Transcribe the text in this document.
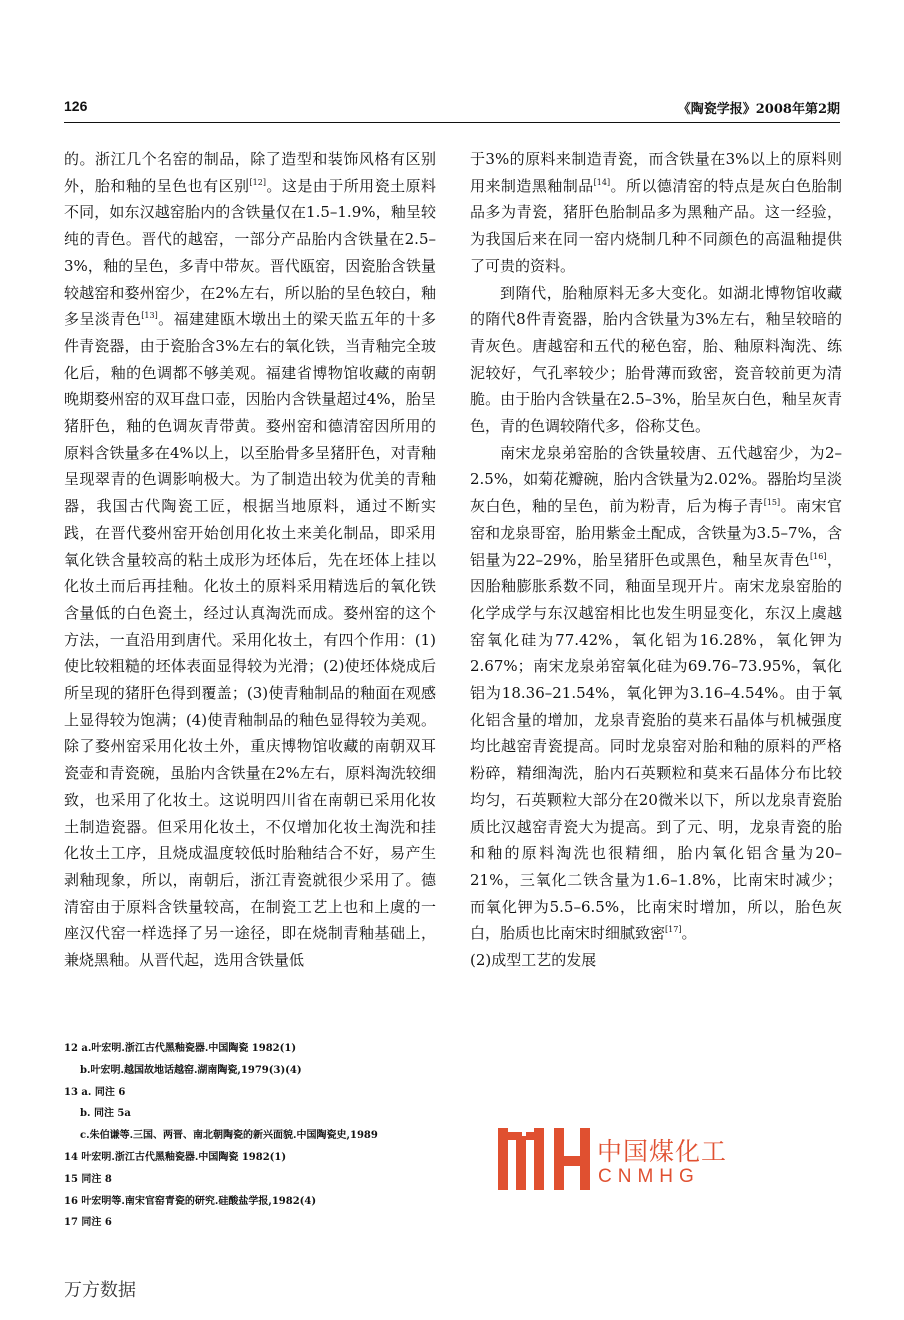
126	《陶瓷学报》2008年第2期

的。浙江几个名窑的制品，除了造型和装饰风格有区别外，胎和釉的呈色也有区别[12]。这是由于所用瓷土原料不同，如东汉越窑胎内的含铁量仅在1.5–1.9%，釉呈较纯的青色。晋代的越窑，一部分产品胎内含铁量在2.5–3%，釉的呈色，多青中带灰。晋代瓯窑，因瓷胎含铁量较越窑和婺州窑少，在2%左右，所以胎的呈色较白，釉多呈淡青色[13]。福建建瓯木墩出土的梁天监五年的十多件青瓷器，由于瓷胎含3%左右的氧化铁，当青釉完全玻化后，釉的色调都不够美观。福建省博物馆收藏的南朝晚期婺州窑的双耳盘口壶，因胎内含铁量超过4%，胎呈猪肝色，釉的色调灰青带黄。婺州窑和德清窑因所用的原料含铁量多在4%以上，以至胎骨多呈猪肝色，对青釉呈现翠青的色调影响极大。为了制造出较为优美的青釉器，我国古代陶瓷工匠，根据当地原料，通过不断实践，在晋代婺州窑开始创用化妆土来美化制品，即采用氧化铁含量较高的粘土成形为坯体后，先在坯体上挂以化妆土而后再挂釉。化妆土的原料采用精选后的氧化铁含量低的白色瓷土，经过认真淘洗而成。婺州窑的这个方法，一直沿用到唐代。采用化妆土，有四个作用：(1)使比较粗糙的坯体表面显得较为光滑；(2)使坯体烧成后所呈现的猪肝色得到覆盖；(3)使青釉制品的釉面在观感上显得较为饱满；(4)使青釉制品的釉色显得较为美观。除了婺州窑采用化妆土外，重庆博物馆收藏的南朝双耳瓷壶和青瓷碗，虽胎内含铁量在2%左右，原料淘洗较细致，也采用了化妆土。这说明四川省在南朝已采用化妆土制造瓷器。但采用化妆土，不仅增加化妆土淘洗和挂化妆土工序，且烧成温度较低时胎釉结合不好，易产生剥釉现象，所以，南朝后，浙江青瓷就很少采用了。德清窑由于原料含铁量较高，在制瓷工艺上也和上虞的一座汉代窑一样选择了另一途径，即在烧制青釉基础上，兼烧黑釉。从晋代起，选用含铁量低

于3%的原料来制造青瓷，而含铁量在3%以上的原料则用来制造黑釉制品[14]。所以德清窑的特点是灰白色胎制品多为青瓷，猪肝色胎制品多为黑釉产品。这一经验，为我国后来在同一窑内烧制几种不同颜色的高温釉提供了可贵的资料。

到隋代，胎釉原料无多大变化。如湖北博物馆收藏的隋代8件青瓷器，胎内含铁量为3%左右，釉呈较暗的青灰色。唐越窑和五代的秘色窑，胎、釉原料淘洗、练泥较好，气孔率较少；胎骨薄而致密，瓷音较前更为清脆。由于胎内含铁量在2.5–3%，胎呈灰白色，釉呈灰青色，青的色调较隋代多，俗称艾色。

南宋龙泉弟窑胎的含铁量较唐、五代越窑少，为2–2.5%，如菊花瓣碗，胎内含铁量为2.02%。器胎均呈淡灰白色，釉的呈色，前为粉青，后为梅子青[15]。南宋官窑和龙泉哥窑，胎用紫金土配成，含铁量为3.5–7%，含铝量为22–29%，胎呈猪肝色或黑色，釉呈灰青色[16]，因胎釉膨胀系数不同，釉面呈现开片。南宋龙泉窑胎的化学成学与东汉越窑相比也发生明显变化，东汉上虞越窑氧化硅为77.42%，氧化铝为16.28%，氧化钾为2.67%；南宋龙泉弟窑氧化硅为69.76–73.95%，氧化铝为18.36–21.54%，氧化钾为3.16–4.54%。由于氧化铝含量的增加，龙泉青瓷胎的莫来石晶体与机械强度均比越窑青瓷提高。同时龙泉窑对胎和釉的原料的严格粉碎，精细淘洗，胎内石英颗粒和莫来石晶体分布比较均匀，石英颗粒大部分在20微米以下，所以龙泉青瓷胎质比汉越窑青瓷大为提高。到了元、明，龙泉青瓷的胎和釉的原料淘洗也很精细，胎内氧化铝含量为20–21%，三氧化二铁含量为1.6–1.8%，比南宋时减少；而氧化钾为5.5–6.5%，比南宋时增加，所以，胎色灰白，胎质也比南宋时细腻致密[17]。

(2)成型工艺的发展

12 a.叶宏明.浙江古代黑釉瓷器.中国陶瓷 1982(1)
b.叶宏明.越国故地话越窑.湖南陶瓷,1979(3)(4)
13 a. 同注 6
b. 同注 5a
c.朱伯谦等.三国、两晋、南北朝陶瓷的新兴面貌.中国陶瓷史,1989
14 叶宏明.浙江古代黑釉瓷器.中国陶瓷 1982(1)
15 同注 8
16 叶宏明等.南宋官窑青瓷的研究.硅酸盐学报,1982(4)
17 同注 6
中国煤化工
CNMHG
万方数据
